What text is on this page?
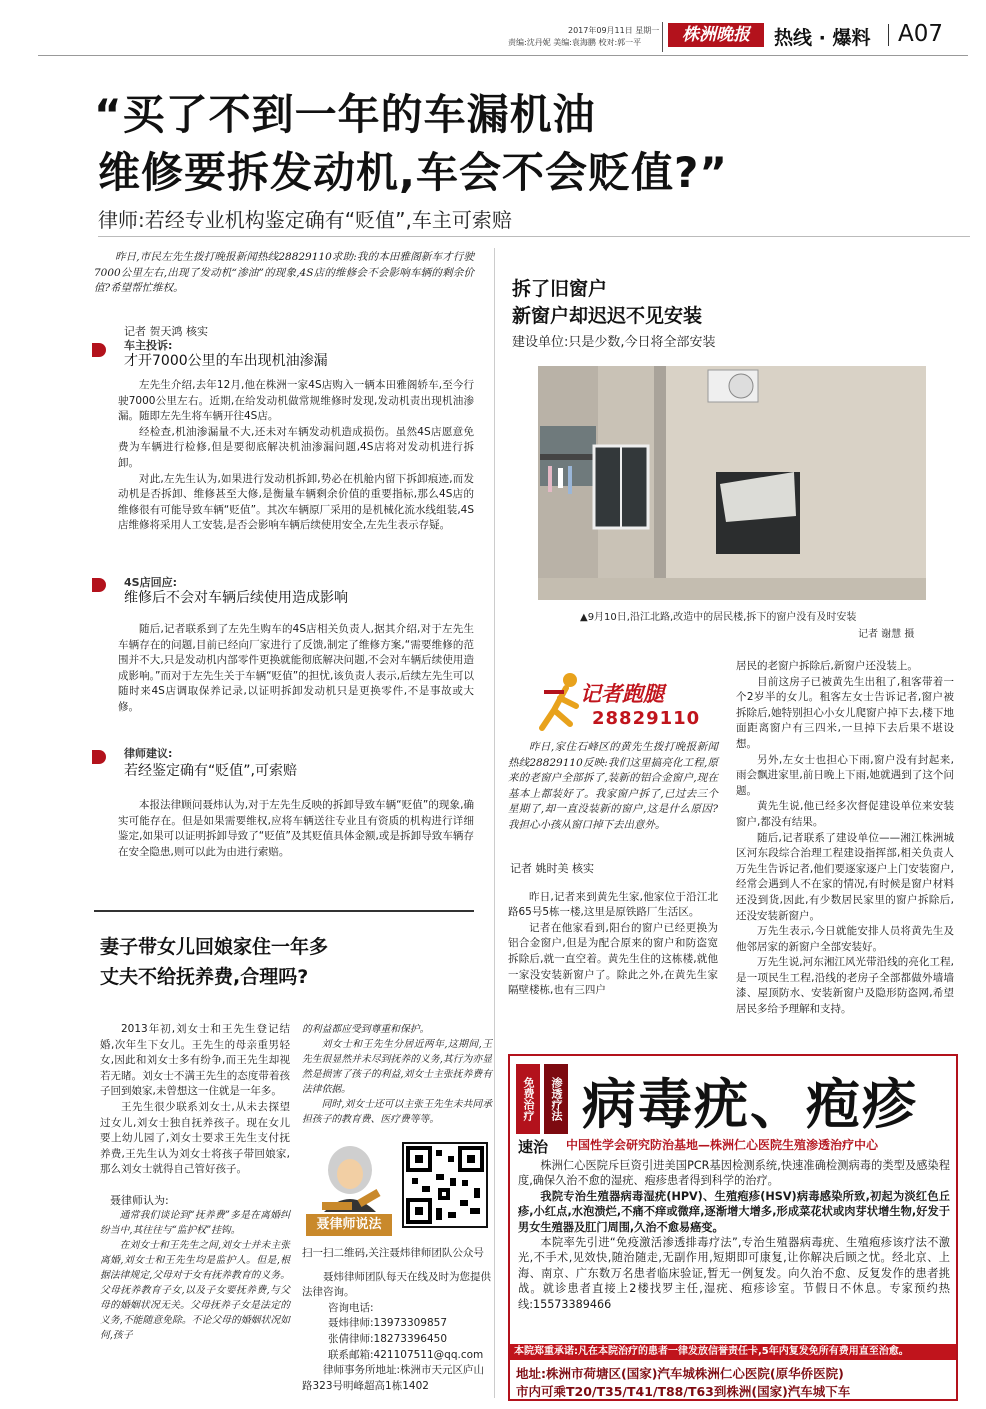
2017年09月11日 星期一
责编:沈丹妮 美编:袁海鹏 校对:郭一平	株洲晚报	热线 · 爆料 A07
“买了不到一年的车漏机油
维修要拆发动机,车会不会贬值?”
律师:若经专业机构鉴定确有“贬值”,车主可索赔

昨日,市民左先生拨打晚报新闻热线28829110求助:我的本田雅阁新车才行驶7000公里左右,出现了发动机“渗油”的现象,4S店的维修会不会影响车辆的剩余价值?希望帮忙维权。

记者 贺天鸿 核实
车主投诉:
才开7000公里的车出现机油渗漏

左先生介绍,去年12月,他在株洲一家4S店购入一辆本田雅阁轿车,至今行驶7000公里左右。近期,在给发动机做常规维修时发现,发动机责出现机油渗漏。随即左先生将车辆开往4S店。

经检查,机油渗漏量不大,还未对车辆发动机造成损伤。虽然4S店愿意免费为车辆进行检修,但是要彻底解决机油渗漏问题,4S店将对发动机进行拆卸。

对此,左先生认为,如果进行发动机拆卸,势必在机舱内留下拆卸痕迹,而发动机是否拆卸、维修甚至大修,是衡量车辆剩余价值的重要指标,那么4S店的维修很有可能导致车辆“贬值”。其次车辆原厂采用的是机械化流水线组装,4S店维修将采用人工安装,是否会影响车辆后续使用安全,左先生表示存疑。

4S店回应:
维修后不会对车辆后续使用造成影响

随后,记者联系到了左先生购车的4S店相关负责人,据其介绍,对于左先生车辆存在的问题,目前已经向厂家进行了反馈,制定了维修方案,“需要维修的范围并不大,只是发动机内部零件更换就能彻底解决问题,不会对车辆后续使用造成影响。”而对于左先生关于车辆“贬值”的担忧,该负责人表示,后续左先生可以随时来4S店调取保养记录,以证明拆卸发动机只是更换零件,不是事故或大修。

律师建议:
若经鉴定确有“贬值”,可索赔

本报法律顾问聂炜认为,对于左先生反映的拆卸导致车辆“贬值”的现象,确实可能存在。但是如果需要维权,应将车辆送往专业且有资质的机构进行详细鉴定,如果可以证明拆卸导致了“贬值”及其贬值具体金额,或是拆卸导致车辆存在安全隐患,则可以此为由进行索赔。

拆了旧窗户
新窗户却迟迟不见安装
建设单位:只是少数,今日将全部安装
▲9月10日,沿江北路,改造中的居民楼,拆下的窗户没有及时安装
记者 谢慧 摄
记者跑腿
28829110

昨日,家住石峰区的黄先生拨打晚报新闻热线28829110反映:我们这里搞亮化工程,原来的老窗户全部拆了,装新的铝合金窗户,现在基本上都装好了。我家窗户拆了,已过去三个星期了,却一直没装新的窗户,这是什么原因?我担心小孩从窗口掉下去出意外。

记者 姚时美 核实

昨日,记者来到黄先生家,他家位于沿江北路65号5栋一楼,这里是原铁路厂生活区。

记者在他家看到,阳台的窗户已经更换为铝合金窗户,但是为配合原来的窗户和防盗宽拆除后,就一直空着。黄先生住的这栋楼,就他一家没安装新窗户了。除此之外,在黄先生家隔壁楼栋,也有三四户

居民的老窗户拆除后,新窗户还没装上。

目前这房子已被黄先生出租了,租客带着一个2岁半的女儿。租客左女士告诉记者,窗户被拆除后,她特别担心小女儿爬窗户掉下去,楼下地面距离窗户有三四米,一旦掉下去后果不堪设想。

另外,左女士也担心下雨,窗户没有封起来,雨会飘进家里,前日晚上下雨,她就遇到了这个问题。

黄先生说,他已经多次督促建设单位来安装窗户,都没有结果。

随后,记者联系了建设单位——湘江株洲城区河东段综合治理工程建设指挥部,相关负责人万先生告诉记者,他们要逐家逐户上门安装窗户,经常会遇到人不在家的情况,有时候是窗户材料还没到货,因此,有少数居民家里的窗户拆除后,还没安装新窗户。

万先生表示,今日就能安排人员将黄先生及他邻居家的新窗户全部安装好。

万先生说,河东湘江风光带沿线的亮化工程,是一项民生工程,沿线的老房子全部都做外墙墙漆、屋顶防水、安装新窗户及隐形防盗网,希望居民多给予理解和支持。

妻子带女儿回娘家住一年多
丈夫不给抚养费,合理吗?

2013年初,刘女士和王先生登记结婚,次年生下女儿。王先生的母亲重男轻女,因此和刘女士多有纷争,而王先生却视若无睹。刘女士不满王先生的态度带着孩子回到娘家,未曾想这一住就是一年多。

王先生很少联系刘女士,从未去探望过女儿,刘女士独自抚养孩子。现在女儿要上幼儿园了,刘女士要求王先生支付抚养费,王先生认为刘女士将孩子带回娘家,那么刘女士就得自己管好孩子。

聂律师认为:

通常我们谈论到“抚养费”多是在离婚纠纷当中,其往往与“监护权”挂钩。

在刘女士和王先生之间,刘女士并未主张离婚,刘女士和王先生均是监护人。但是,根据法律规定,父母对于女有抚养教育的义务。父母抚养教育子女,以及子女要抚养费,与父母的婚姻状况无关。父母抚养子女是法定的义务,不能随意免除。不论父母的婚姻状况如何,孩子

的利益都应受到尊重和保护。

刘女士和王先生分居近两年,这期间,王先生很显然并未尽到抚养的义务,其行为亦显然是损害了孩子的利益,刘女士主张抚养费有法律依据。

同时,刘女士还可以主张王先生未共同承担孩子的教育费、医疗费等等。

聂律师说法
扫一扫二维码,关注聂炜律师团队公众号
聂炜律师团队每天在线及时为您提供法律咨询。
咨询电话:
聂炜律师:13973309857
张倩律师:18273396450
联系邮箱:421107511@qq.com
律师事务所地址:株洲市天元区庐山路323号明峰超高1栋1402
免费治疗	渗透疗法
速治
病毒疣、疱疹
中国性学会研究防治基地—株洲仁心医院生殖渗透治疗中心

株洲仁心医院斥巨资引进美国PCR基因检测系统,快速准确检测病毒的类型及感染程度,确保久治不愈的湿疣、疱疹患者得到科学的治疗。

我院专治生殖器病毒湿疣(HPV)、生殖疱疹(HSV)病毒感染所致,初起为淡红色丘疹,小红点,水泡溃烂,不痛不痒或微痒,逐渐增大增多,形成菜花状或肉芽状增生物,好发于男女生殖器及肛门周围,久治不愈易癌变。

本院率先引进“免疫激活渗透排毒疗法”,专治生殖器病毒疣、生殖疱疹该疗法不激光,不手术,见效快,随治随走,无副作用,短期即可康复,让你解决后顾之忧。经北京、上海、南京、广东数万名患者临床验证,暂无一例复发。向久治不愈、反复发作的患者挑战。就诊患者直接上2楼找罗主任,湿疣、疱疹诊室。节假日不休息。专家预约热线:15573389466

本院郑重承诺:凡在本院治疗的患者一律发放信誉责任卡,5年内复发免所有费用直至治愈。
地址:株洲市荷塘区(国家)汽车城株洲仁心医院(原华侨医院)
市内可乘T20/T35/T41/T88/T63到株洲(国家)汽车城下车
